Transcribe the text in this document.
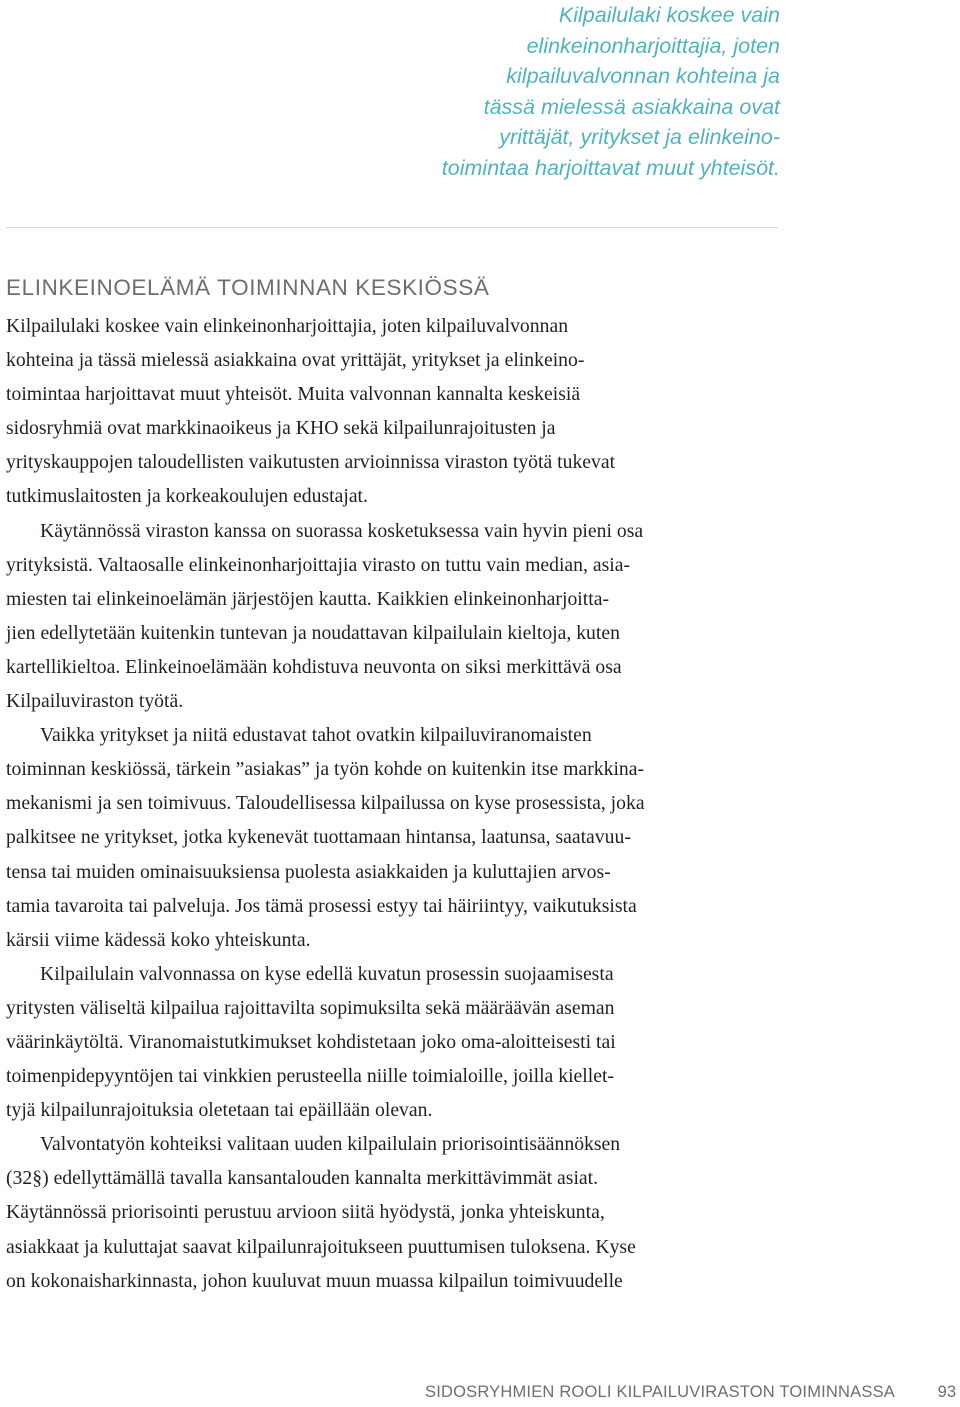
Kilpailulaki koskee vain
elinkeinonharjoittajia, joten
kilpailuvalvonnan kohteina ja
tässä mielessä asiakkaina ovat
yrittäjät, yritykset ja elinkeino-
toimintaa harjoittavat muut yhteisöt.
ELINKEINOELÄMÄ TOIMINNAN KESKIÖSSÄ
Kilpailulaki koskee vain elinkeinonharjoittajia, joten kilpailuvalvonnan
kohteina ja tässä mielessä asiakkaina ovat yrittäjät, yritykset ja elinkeino-
toimintaa harjoittavat muut yhteisöt. Muita valvonnan kannalta keskeisiä
sidosryhmiä ovat markkinaoikeus ja KHO sekä kilpailunrajoitusten ja
yrityskauppojen taloudellisten vaikutusten arvioinnissa viraston työtä tukevat
tutkimuslaitosten ja korkeakoulujen edustajat.
Käytännössä viraston kanssa on suorassa kosketuksessa vain hyvin pieni osa
yrityksistä. Valtaosalle elinkeinonharjoittajia virasto on tuttu vain median, asia-
miesten tai elinkeinoelämän järjestöjen kautta. Kaikkien elinkeinonharjoitta-
jien edellytetään kuitenkin tuntevan ja noudattavan kilpailulain kieltoja, kuten
kartellikieltoa. Elinkeinoelämään kohdistuva neuvonta on siksi merkittävä osa
Kilpailuviraston työtä.
Vaikka yritykset ja niitä edustavat tahot ovatkin kilpailuviranomaisten
toiminnan keskiössä, tärkein ”asiakas” ja työn kohde on kuitenkin itse markkina-
mekanismi ja sen toimivuus. Taloudellisessa kilpailussa on kyse prosessista, joka
palkitsee ne yritykset, jotka kykenevät tuottamaan hintansa, laatunsa, saatavuu-
tensa tai muiden ominaisuuksiensa puolesta asiakkaiden ja kuluttajien arvos-
tamia tavaroita tai palveluja. Jos tämä prosessi estyy tai häiriintyy, vaikutuksista
kärsii viime kädessä koko yhteiskunta.
Kilpailulain valvonnassa on kyse edellä kuvatun prosessin suojaamisesta
yritysten väliseltä kilpailua rajoittavilta sopimuksilta sekä määräävän aseman
väärinkäytöltä. Viranomaistutkimukset kohdistetaan joko oma-aloitteisesti tai
toimenpidepyyntöjen tai vinkkien perusteella niille toimialoille, joilla kiellet-
tyjä kilpailunrajoituksia oletetaan tai epäillään olevan.
Valvontatyön kohteiksi valitaan uuden kilpailulain priorisointisäännöksen
(32§) edellyttämällä tavalla kansantalouden kannalta merkittävimmät asiat.
Käytännössä priorisointi perustuu arvioon siitä hyödystä, jonka yhteiskunta,
asiakkaat ja kuluttajat saavat kilpailunrajoitukseen puuttumisen tuloksena. Kyse
on kokonaisharkinnasta, johon kuuluvat muun muassa kilpailun toimivuudelle
SIDOSRYHMIEN ROOLI KILPAILUVIRASTON TOIMINNASSA	93
